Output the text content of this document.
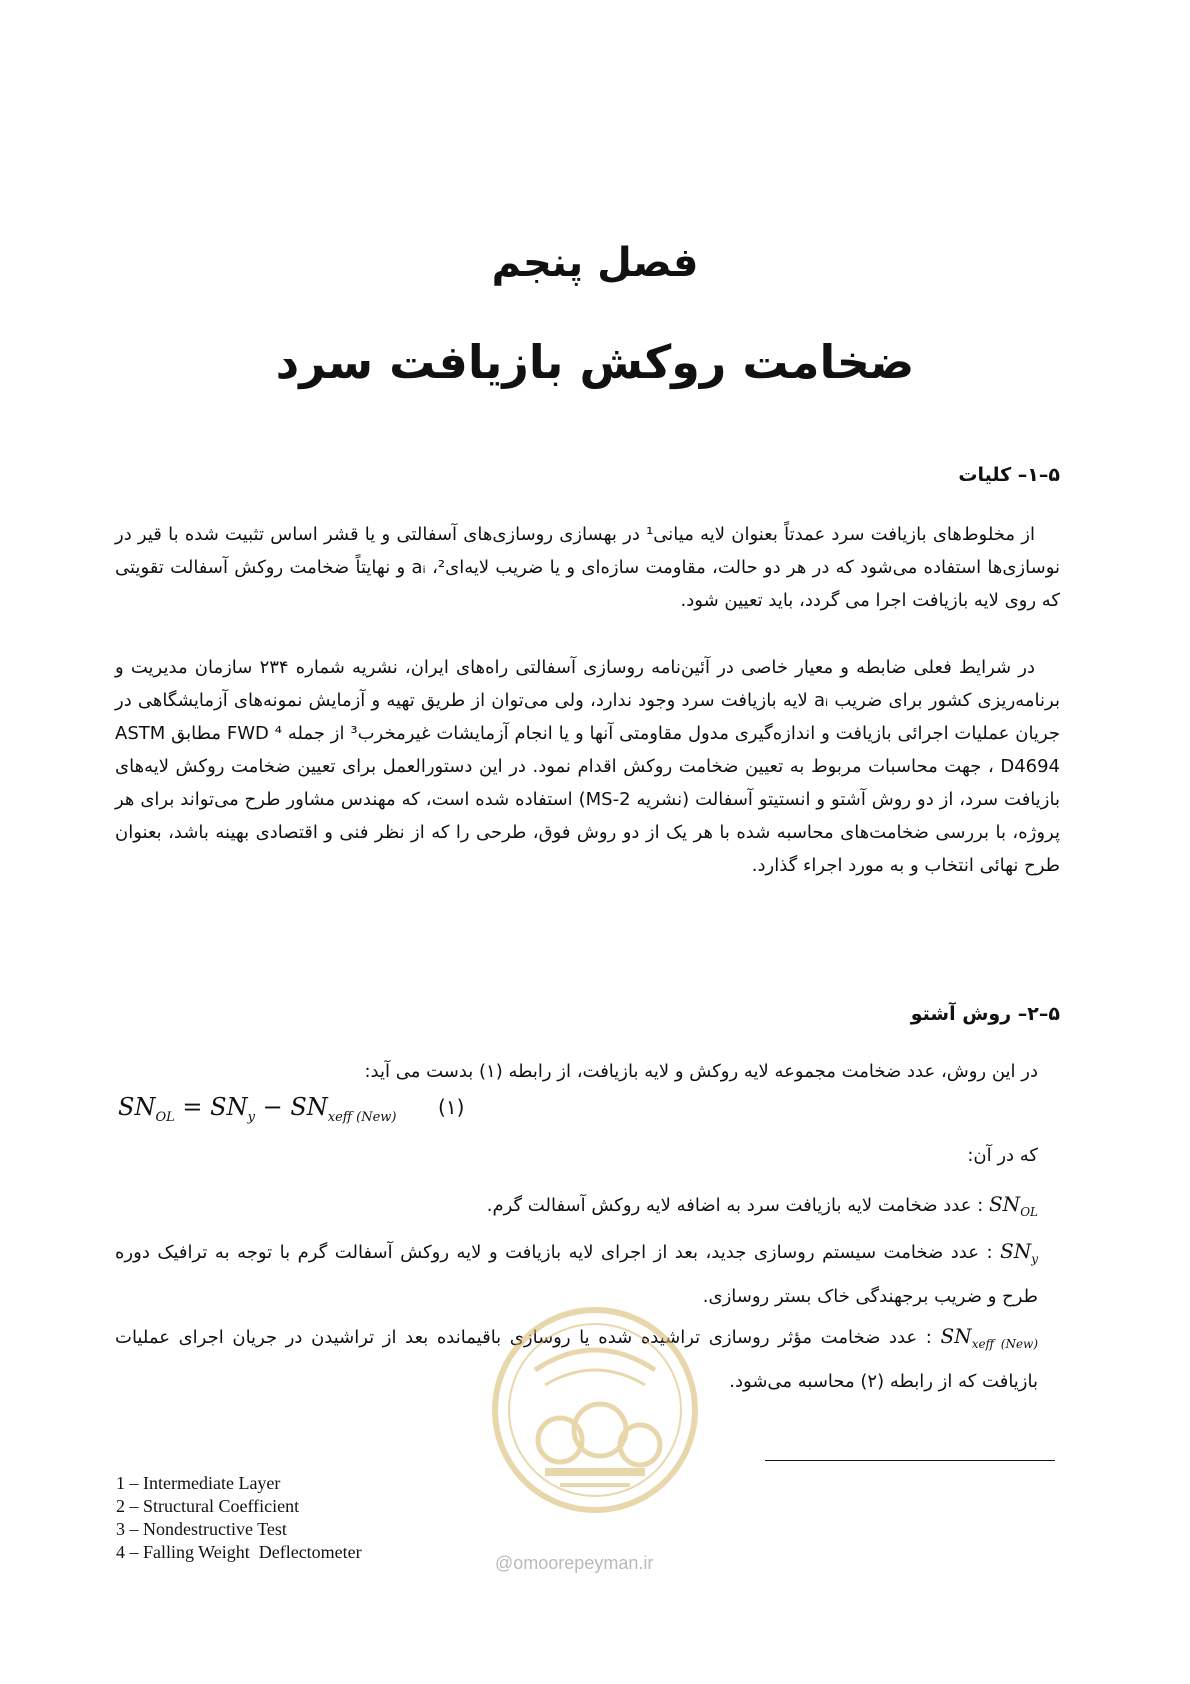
فصل پنجم
ضخامت روکش بازیافت سرد
۵–۱– کلیات
از مخلوط‌های بازیافت سرد عمدتاً بعنوان لایه میانی¹ در بهسازی روسازی‌های آسفالتی و یا قشر اساس تثبیت شده با قیر در نوسازی‌ها استفاده می‌شود که در هر دو حالت، مقاومت سازه‌ای و یا ضریب لایه‌ای²، aᵢ و نهایتاً ضخامت روکش آسفالت تقویتی که روی لایه بازیافت اجرا می گردد، باید تعیین شود.
در شرایط فعلی ضابطه و معیار خاصی در آئین‌نامه روسازی آسفالتی راه‌های ایران، نشریه شماره ۲۳۴ سازمان مدیریت و برنامه‌ریزی کشور برای ضریب aᵢ لایه بازیافت سرد وجود ندارد، ولی می‌توان از طریق تهیه و آزمایش نمونه‌های آزمایشگاهی در جریان عملیات اجرائی بازیافت و اندازه‌گیری مدول مقاومتی آنها و یا انجام آزمایشات غیرمخرب³ از جمله FWD ⁴ مطابق ASTM D4694 ، جهت محاسبات مربوط به تعیین ضخامت روکش اقدام نمود. در این دستورالعمل برای تعیین ضخامت روکش لایه‌های بازیافت سرد، از دو روش آشتو و انستیتو آسفالت (نشریه MS-2) استفاده شده است، که مهندس مشاور طرح می‌تواند برای هر پروژه، با بررسی ضخامت‌های محاسبه شده با هر یک از دو روش فوق، طرحی را که از نظر فنی و اقتصادی بهینه باشد، بعنوان طرح نهائی انتخاب و به مورد اجراء گذارد.
۵–۲– روش آشتو
در این روش، عدد ضخامت مجموعه لایه روکش و لایه بازیافت، از رابطه (۱) بدست می آید:
$SN_{OL} = SN_y - SN_{xeff (New)}$ (۱)
که در آن:
$SN_{OL}$ : عدد ضخامت لایه بازیافت سرد به اضافه لایه روکش آسفالت گرم.
$SN_y$ : عدد ضخامت سیستم روسازی جدید، بعد از اجرای لایه بازیافت و لایه روکش آسفالت گرم با توجه به ترافیک دوره طرح و ضریب برجهندگی خاک بستر روسازی.
$SN_{xeff (New)}$ : عدد ضخامت مؤثر روسازی تراشیده شده یا روسازی باقیمانده بعد از تراشیدن در جریان اجرای عملیات بازیافت که از رابطه (۲) محاسبه می‌شود.
@omoorepeyman.ir
1 – Intermediate Layer
2 – Structural Coefficient
3 – Nondestructive Test
4 – Falling Weight  Deflectometer
